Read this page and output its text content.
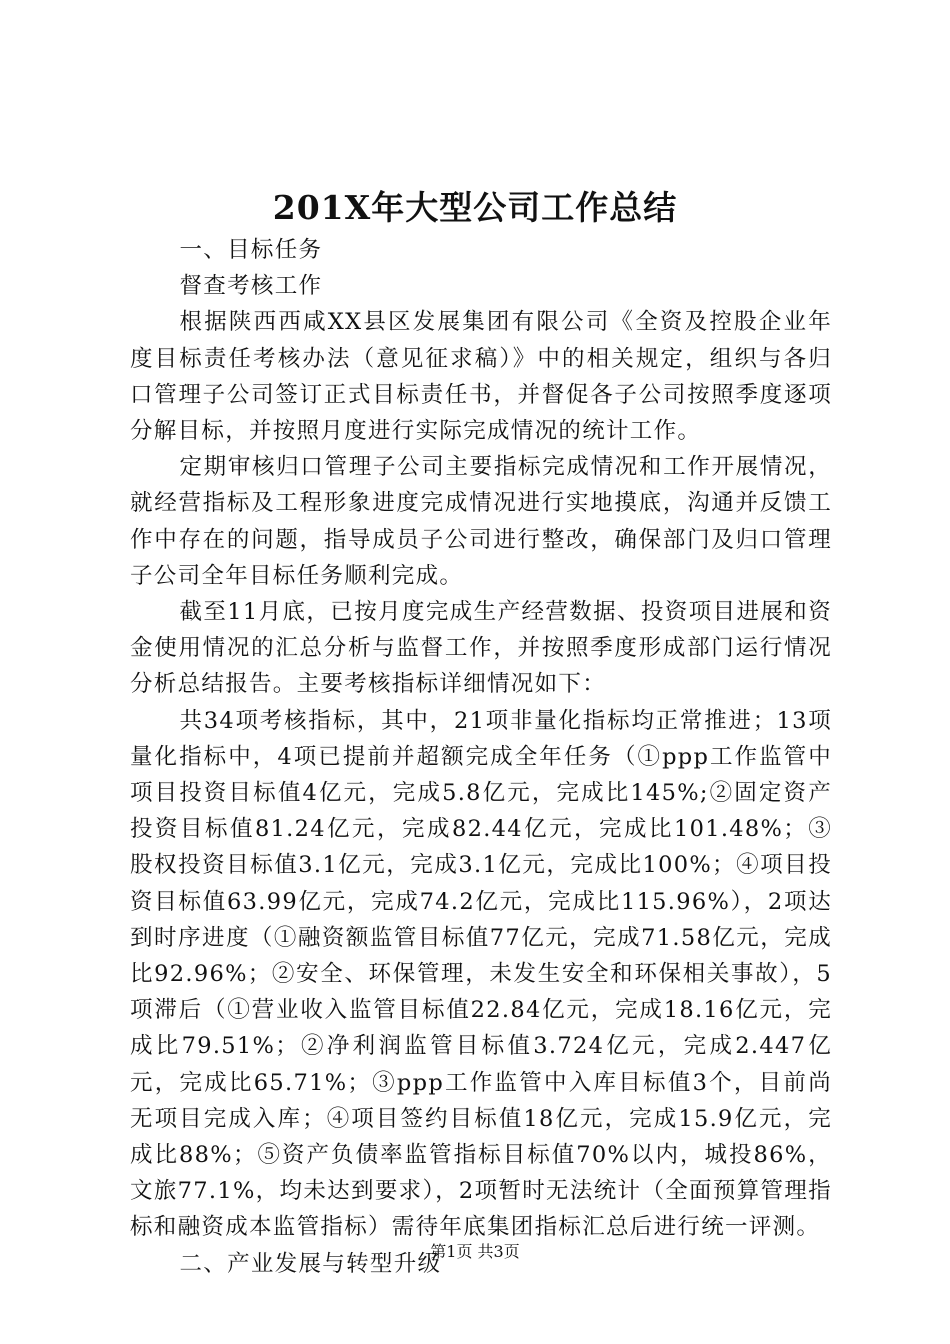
201X年大型公司工作总结

一、目标任务

督查考核工作

根据陕西西咸XX县区发展集团有限公司《全资及控股企业年度目标责任考核办法（意见征求稿）》中的相关规定，组织与各归口管理子公司签订正式目标责任书，并督促各子公司按照季度逐项分解目标，并按照月度进行实际完成情况的统计工作。

定期审核归口管理子公司主要指标完成情况和工作开展情况，就经营指标及工程形象进度完成情况进行实地摸底，沟通并反馈工作中存在的问题，指导成员子公司进行整改，确保部门及归口管理子公司全年目标任务顺利完成。

截至11月底，已按月度完成生产经营数据、投资项目进展和资金使用情况的汇总分析与监督工作，并按照季度形成部门运行情况分析总结报告。主要考核指标详细情况如下：

共34项考核指标，其中，21项非量化指标均正常推进；13项量化指标中，4项已提前并超额完成全年任务（①ppp工作监管中项目投资目标值4亿元，完成5.8亿元，完成比145%;②固定资产投资目标值81.24亿元，完成82.44亿元，完成比101.48%；③股权投资目标值3.1亿元，完成3.1亿元，完成比100%；④项目投资目标值63.99亿元，完成74.2亿元，完成比115.96%），2项达到时序进度（①融资额监管目标值77亿元，完成71.58亿元，完成比92.96%；②安全、环保管理，未发生安全和环保相关事故），5项滞后（①营业收入监管目标值22.84亿元，完成18.16亿元，完成比79.51%；②净利润监管目标值3.724亿元，完成2.447亿元，完成比65.71%；③ppp工作监管中入库目标值3个，目前尚无项目完成入库；④项目签约目标值18亿元，完成15.9亿元，完成比88%；⑤资产负债率监管指标目标值70%以内，城投86%，文旅77.1%，均未达到要求），2项暂时无法统计（全面预算管理指标和融资成本监管指标）需待年底集团指标汇总后进行统一评测。

二、产业发展与转型升级

第1页 共3页
